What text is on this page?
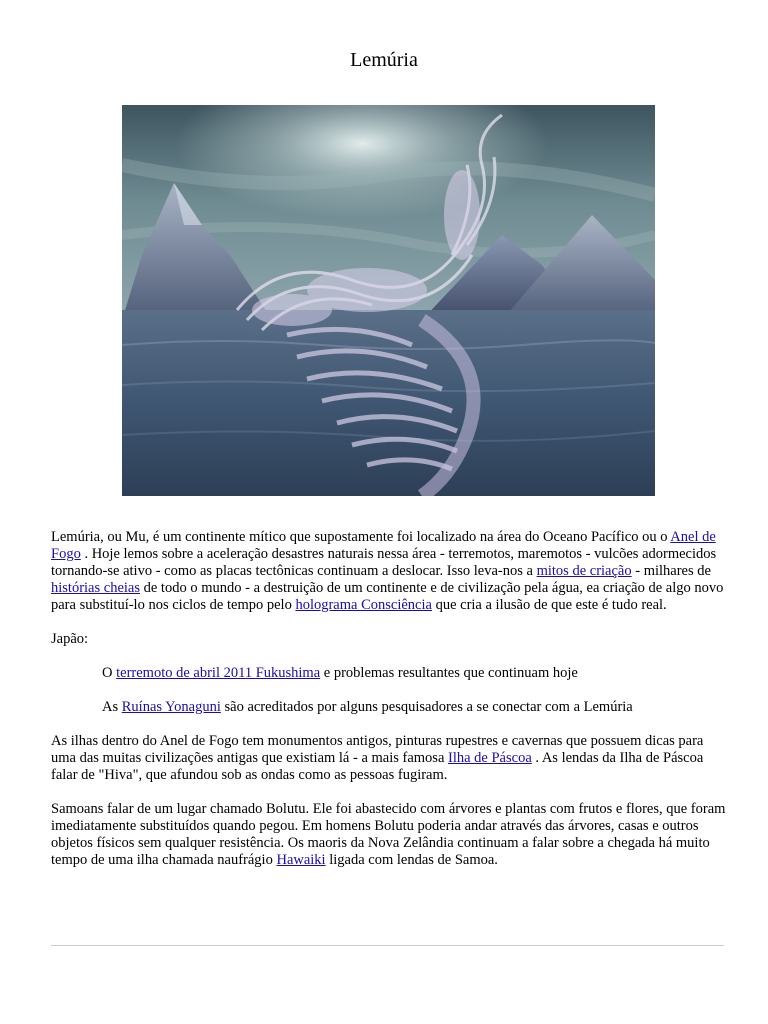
Lemúria

Lemúria, ou Mu, é um continente mítico que supostamente foi localizado na área do Oceano Pacífico ou o Anel de Fogo . Hoje lemos sobre a aceleração desastres naturais nessa área - terremotos, maremotos - vulcões adormecidos tornando-se ativo - como as placas tectônicas continuam a deslocar. Isso leva-nos a mitos de criação - milhares de histórias cheias de todo o mundo - a destruição de um continente e de civilização pela água, ea criação de algo novo para substituí-lo nos ciclos de tempo pelo holograma Consciência que cria a ilusão de que este é tudo real.

Japão:

O terremoto de abril 2011 Fukushima e problemas resultantes que continuam hoje

As Ruínas Yonaguni são acreditados por alguns pesquisadores a se conectar com a Lemúria

As ilhas dentro do Anel de Fogo tem monumentos antigos, pinturas rupestres e cavernas que possuem dicas para uma das muitas civilizações antigas que existiam lá - a mais famosa Ilha de Páscoa . As lendas da Ilha de Páscoa falar de "Hiva", que afundou sob as ondas como as pessoas fugiram.

Samoans falar de um lugar chamado Bolutu. Ele foi abastecido com árvores e plantas com frutos e flores, que foram imediatamente substituídos quando pegou. Em homens Bolutu poderia andar através das árvores, casas e outros objetos físicos sem qualquer resistência. Os maoris da Nova Zelândia continuam a falar sobre a chegada há muito tempo de uma ilha chamada naufrágio Hawaiki ligada com lendas de Samoa.
